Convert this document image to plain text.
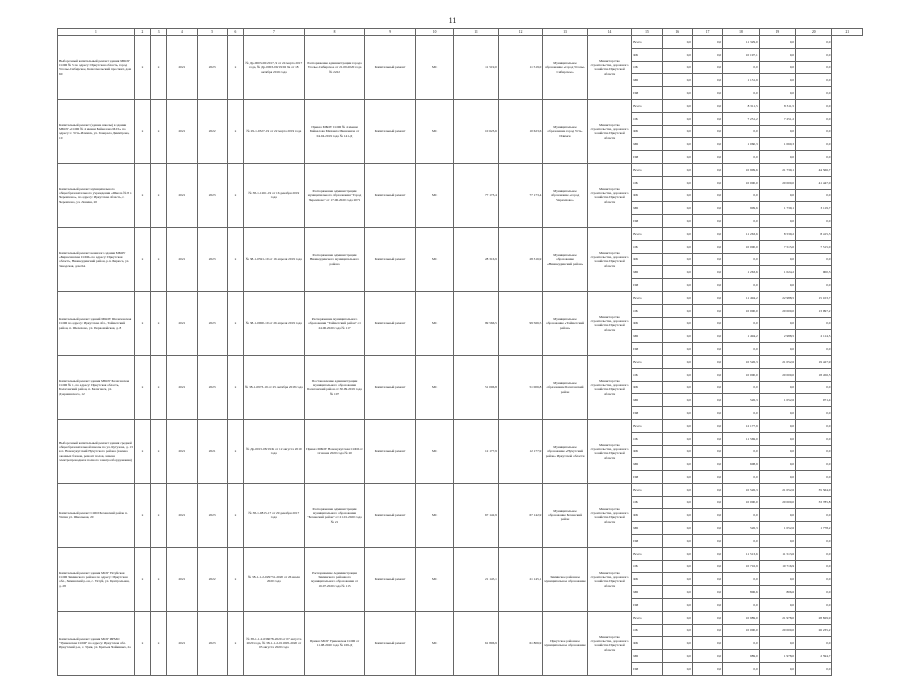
11
1	2	3	4	5	6	7	8	9	10	11	12	13	14	15	16	17	18	19	20	21
Выборочный капитальный ремонт здания МБОУ СОШ № 5 по адресу: Иркутская область, город Усолье-Сибирское, Комсомольский проспект, дом 60	x	x	2021	2023	x	№ Др-0003-06/2017, 9 от 24 марта 2017 года, № Др-0003-09/19/02 9а от 18 октября 2016 года	Распоряжение администрации города Усолье-Сибирское от 21.09.2020 года № 2222	Капитальный ремонт	МС	11 519,0	11 519,0	Муниципальное образование «город Усолье-Сибирское»	Министерство строительства, дорожного хозяйства Иркутской области	Всего	0,0	0,0	11 329,0	0,0	0,0	
														ФБ	0,0	0,0	10 197,1	0,0	0,0	
														ОБ	0,0	0,0	0,0	0,0	0,0	
														МБ	0,0	0,0	1 131,9	0,0	0,0	
														ИИ	0,0	0,0	0,0	0,0	0,0	
Капитальный ремонт (здание школы) в здании МБОУ «СОШ № 4 имени Байкалова М.И.» по адресу: г. Усть-Илимск, ул. Генерала Димитрова, 10	x	x	2021	2022	x	№ 29-1-0327-19 от 22 марта 2019 года	Приказ МБОУ СОШ № 4 имени Байкалова Михаила Ивановича от 04.04.2019 года № 141-Д	Капитальный ремонт	МС	10 623,6	10 623,6	Муниципальное образование город Усть-Илимск	Министерство строительства, дорожного хозяйства Иркутской области	Всего	0,0	0,0	8 311,5	8 311,5	0,0	
														ОБ	0,0	0,0	7 251,2	7 251,2	0,0	
														ФБ	0,0	0,0	0,0	0,0	0,0	
														МБ	0,0	0,0	1 060,3	1 060,3	0,0	
														ИИ	0,0	0,0	0,0	0,0	0,0	
Капитальный ремонт муниципального общеобразовательного учреждения «Школа № 8 г. Черемхово», по адресу: Иркутская область, г. Черемхово, ул. Ленина, 20	x	x	2021	2023	x	№ 38-1-1261-19 от 16 декабря 2019 года	Распоряжение администрации муниципального образования "Город Черемхово" от 17.06.2020 года 2071	Капитальный ремонт	МС	77 173,4	77 173,4	Муниципальное образование «город Черемхово»	Министерство строительства, дорожного хозяйства Иркутской области	Всего	0,0	0,0	10 909,6	21 739,1	44 566,7	
														ОБ	0,0	0,0	10 000,0	20 000,0	41 447,0	
														ФБ	0,0	0,0	0,0	0,0	0,0	
														МБ	0,0	0,0	909,6	1 739,1	3 119,7	
														ИИ	0,0	0,0	0,0	0,0	0,0	
Капитальный ремонт нежилого здания МБОУ «Бирюсинская СОШ» по адресу: Иркутская область, Нижнеудинский район, р.п. Бирюса, ул. Заводская, дом 6А	x	x	2021	2023	x	№ 38-1-0591-19 от 16 апреля 2019 года	Распоряжение администрации Нижнеудинского муниципального района	Капитальный ремонт	МС	28 316,9	28 316,9	Муниципальное образование «Нижнеудинский район»	Министерство строительства, дорожного хозяйства Иркутской области	Всего	0,0	0,0	11 263,6	8 539,2	8 415,3	
														ОБ	0,0	0,0	10 000,0	7 515,0	7 515,0	
														ФБ	0,0	0,0	0,0	0,0	0,0	
														МБ	0,0	0,0	1 263,6	1 024,2	900,3	
														ИИ	0,0	0,0	0,0	0,0	0,0	
Капитальный ремонт зданий МКОУ Шелеховская СОШ по адресу: Иркутская обл., Тайшетский район, п. Шелехово, ул. Первомайская, д. 8	x	x	2021	2023	x	№ 38-1-0900-19 от 26 апреля 2019 года	Распоряжение муниципального образования "Тайшетский район" от 24.06.2020 года № 117	Капитальный ремонт	МС	99 566,5	99 566,5	Муниципальное образование «Тайшетский район»	Министерство строительства, дорожного хозяйства Иркутской области	Всего	0,0	0,0	11 494,2	22 988,5	15 103,7	
														ОБ	0,0	0,0	10 000,0	20 000,0	13 997,2	
														ФБ	0,0	0,0	0,0	0,0	0,0	
														МБ	0,0	0,0	1 494,2	2 988,5	2 114,5	
														ИИ	0,0	0,0	0,0	0,0	0,0	
Капитальный ремонт здания МБОУ Балаганская СОШ № 1, по адресу: Иркутская область, Балаганский район, п. Балаганск, ул. Дзержинского, 12	x	x	2021	2023	x	№ 38-1-0973-19 от 25 октября 2018 года	Постановление администрации муниципального образования Балаганский район от 30.09.2019 года № 107	Капитальный ремонт	МС	51 006,8	51 006,8	Муниципальное образование Балаганский район	Министерство строительства, дорожного хозяйства Иркутской области	Всего	0,0	0,0	10 526,3	21 052,6	19 427,9	
														ОБ	0,0	0,0	10 000,0	20 000,0	18 456,5	
														ФБ	0,0	0,0	0,0	0,0	0,0	
														МБ	0,0	0,0	526,3	1 052,6	971,4	
														ИИ	0,0	0,0	0,0	0,0	0,0	
Выборочный капитальный ремонт здания средней общеобразовательной школы по ул. Кутузова, д. 13 в п. Новонукутский Нукутского района (замена оконных блоков, ремонт полов, замена электропроводки и полного электрооборудования)	x	x	2021	2021	x	№ Др-0015-08/19/К от 12 августа 2019 года	Приказ МБОУ Новонукутская СОШ от 12 июня 2020 года № 20	Капитальный ремонт	МС	12 177,9	12 177,9	Муниципальное образование «Нукутский район» Иркутской области	Министерство строительства, дорожного хозяйства Иркутской области	Всего	0,0	0,0	12 177,9	0,0	0,0	
														ОБ	0,0	0,0	11 569,0	0,0	0,0	
														ФБ	0,0	0,0	0,0	0,0	0,0	
														МБ	0,0	0,0	608,9	0,0	0,0	
														ИИ	0,0	0,0	0,0	0,0	0,0	
Капитальный ремонт СОШ Боханский район п. Унгин ул. Школьная, 20	x	x	2021	2023	x	№ 38-1-0815-17 от 29 декабря 2017 года	Распоряжение администрации муниципального образования "Боханский район" от 21.01.2020 года № 21	Капитальный ремонт	МС	67 142,9	67 142,9	Муниципальное образование Боханский район	Министерство строительства, дорожного хозяйства Иркутской области	Всего	0,0	0,0	10 526,3	21 052,6	35 564,0	
														ОБ	0,0	0,0	10 000,0	20 000,0	33 785,8	
														ФБ	0,0	0,0	0,0	0,0	0,0	
														МБ	0,0	0,0	526,3	1 052,6	1 778,2	
														ИИ	0,0	0,0	0,0	0,0	0,0	
Капитальный ремонт здания МОУ Ухтуйская СОШ Зиминского района по адресу: Иркутская обл., Зиминский р-он, с. Ухтуй, ул. Центральная, д. 28	x	x	2021	2022	x	№ 38-1-1-2-029731-2020 от 26 июля 2020 года	Распоряжение Администрации Зиминского районного муниципального образования от 16.07.2020 года № 115	Капитальный ремонт	МС	21 145,1	21 145,1	Зиминское районное муниципальное образование	Министерство строительства, дорожного хозяйства Иркутской области	Всего	0,0	0,0	11 513,6	11 513,6	0,0	
														ОБ	0,0	0,0	10 716,9	10 716,9	0,0	
														ФБ	0,0	0,0	0,0	0,0	0,0	
														МБ	0,0	0,0	806,6	806,6	0,0	
														ИИ	0,0	0,0	0,0	0,0	0,0	
Капитальный ремонт здания МОУ ИРМО "Уриковская СОШ" по адресу: Иркутская обл. Иркутский р-н, с. Урик, ул. Братьев Чайкиных, 2a	x	x	2021	2023	x	№ 38-1-1-2-036078-2020 от 07 августа 2020 года, № 38-1-1-2-011695-2020 от 03 августа 2020 года	Приказ МОУ Уриковская СОШ от 11.08.2020 года № 169-Д	Капитальный ремонт	МС	61 806,9	61 806,9	Иркутское районное муниципальное образование	Министерство строительства, дорожного хозяйства Иркутской области	Всего	0,0	0,0	10 989,0	21 978,0	28 829,9	
														ОБ	0,0	0,0	10 000,0	20 000,0	26 235,2	
														ФБ	0,0	0,0	0,0	0,0	0,0	
														МБ	0,0	0,0	989,0	1 978,0	2 594,7	
														ИИ	0,0	0,0	0,0	0,0	0,0	
